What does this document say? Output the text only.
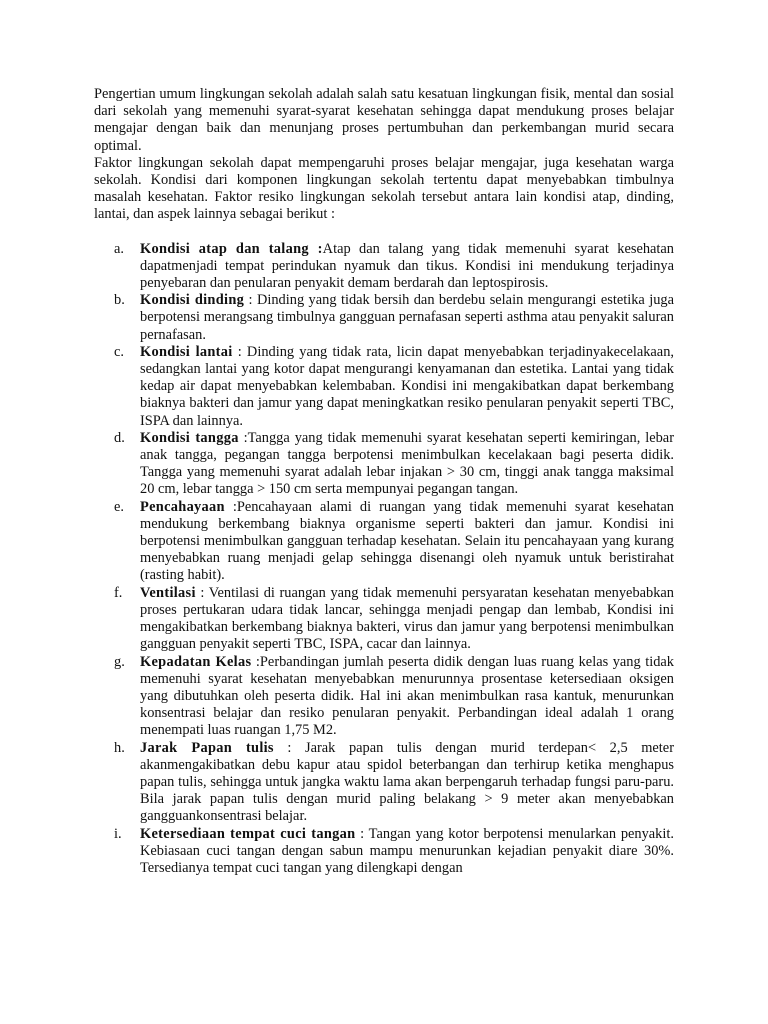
Pengertian umum lingkungan sekolah adalah salah satu kesatuan lingkungan fisik, mental dan sosial dari sekolah yang memenuhi syarat-syarat kesehatan sehingga dapat mendukung proses belajar mengajar dengan baik dan menunjang proses pertumbuhan dan perkembangan murid secara optimal.

Faktor lingkungan sekolah dapat mempengaruhi proses belajar mengajar, juga kesehatan warga sekolah. Kondisi dari komponen lingkungan sekolah tertentu dapat menyebabkan timbulnya masalah kesehatan. Faktor resiko lingkungan sekolah tersebut antara lain kondisi atap, dinding, lantai, dan aspek lainnya sebagai berikut :

a. Kondisi atap dan talang :Atap dan talang yang tidak memenuhi syarat kesehatan dapatmenjadi tempat perindukan nyamuk dan tikus. Kondisi ini mendukung terjadinya penyebaran dan penularan penyakit demam berdarah dan leptospirosis.
b. Kondisi dinding : Dinding yang tidak bersih dan berdebu selain mengurangi estetika juga berpotensi merangsang timbulnya gangguan pernafasan seperti asthma atau penyakit saluran pernafasan.
c. Kondisi lantai : Dinding yang tidak rata, licin dapat menyebabkan terjadinyakecelakaan, sedangkan lantai yang kotor dapat mengurangi kenyamanan dan estetika. Lantai yang tidak kedap air dapat menyebabkan kelembaban. Kondisi ini mengakibatkan dapat berkembang biaknya bakteri dan jamur yang dapat meningkatkan resiko penularan penyakit seperti TBC, ISPA dan lainnya.
d. Kondisi tangga :Tangga yang tidak memenuhi syarat kesehatan seperti kemiringan, lebar anak tangga, pegangan tangga berpotensi menimbulkan kecelakaan bagi peserta didik. Tangga yang memenuhi syarat adalah lebar injakan > 30 cm, tinggi anak tangga maksimal 20 cm, lebar tangga > 150 cm serta mempunyai pegangan tangan.
e. Pencahayaan :Pencahayaan alami di ruangan yang tidak memenuhi syarat kesehatan mendukung berkembang biaknya organisme seperti bakteri dan jamur. Kondisi ini berpotensi menimbulkan gangguan terhadap kesehatan. Selain itu pencahayaan yang kurang menyebabkan ruang menjadi gelap sehingga disenangi oleh nyamuk untuk beristirahat (rasting habit).
f. Ventilasi : Ventilasi di ruangan yang tidak memenuhi persyaratan kesehatan menyebabkan proses pertukaran udara tidak lancar, sehingga menjadi pengap dan lembab, Kondisi ini mengakibatkan berkembang biaknya bakteri, virus dan jamur yang berpotensi menimbulkan gangguan penyakit seperti TBC, ISPA, cacar dan lainnya.
g. Kepadatan Kelas :Perbandingan jumlah peserta didik dengan luas ruang kelas yang tidak memenuhi syarat kesehatan menyebabkan menurunnya prosentase ketersediaan oksigen yang dibutuhkan oleh peserta didik. Hal ini akan menimbulkan rasa kantuk, menurunkan konsentrasi belajar dan resiko penularan penyakit. Perbandingan ideal adalah 1 orang menempati luas ruangan 1,75 M2.
h. Jarak Papan tulis : Jarak papan tulis dengan murid terdepan< 2,5 meter akanmengakibatkan debu kapur atau spidol beterbangan dan terhirup ketika menghapus papan tulis, sehingga untuk jangka waktu lama akan berpengaruh terhadap fungsi paru-paru. Bila jarak papan tulis dengan murid paling belakang > 9 meter akan menyebabkan gangguankonsentrasi belajar.
i. Ketersediaan tempat cuci tangan : Tangan yang kotor berpotensi menularkan penyakit. Kebiasaan cuci tangan dengan sabun mampu menurunkan kejadian penyakit diare 30%. Tersedianya tempat cuci tangan yang dilengkapi dengan
